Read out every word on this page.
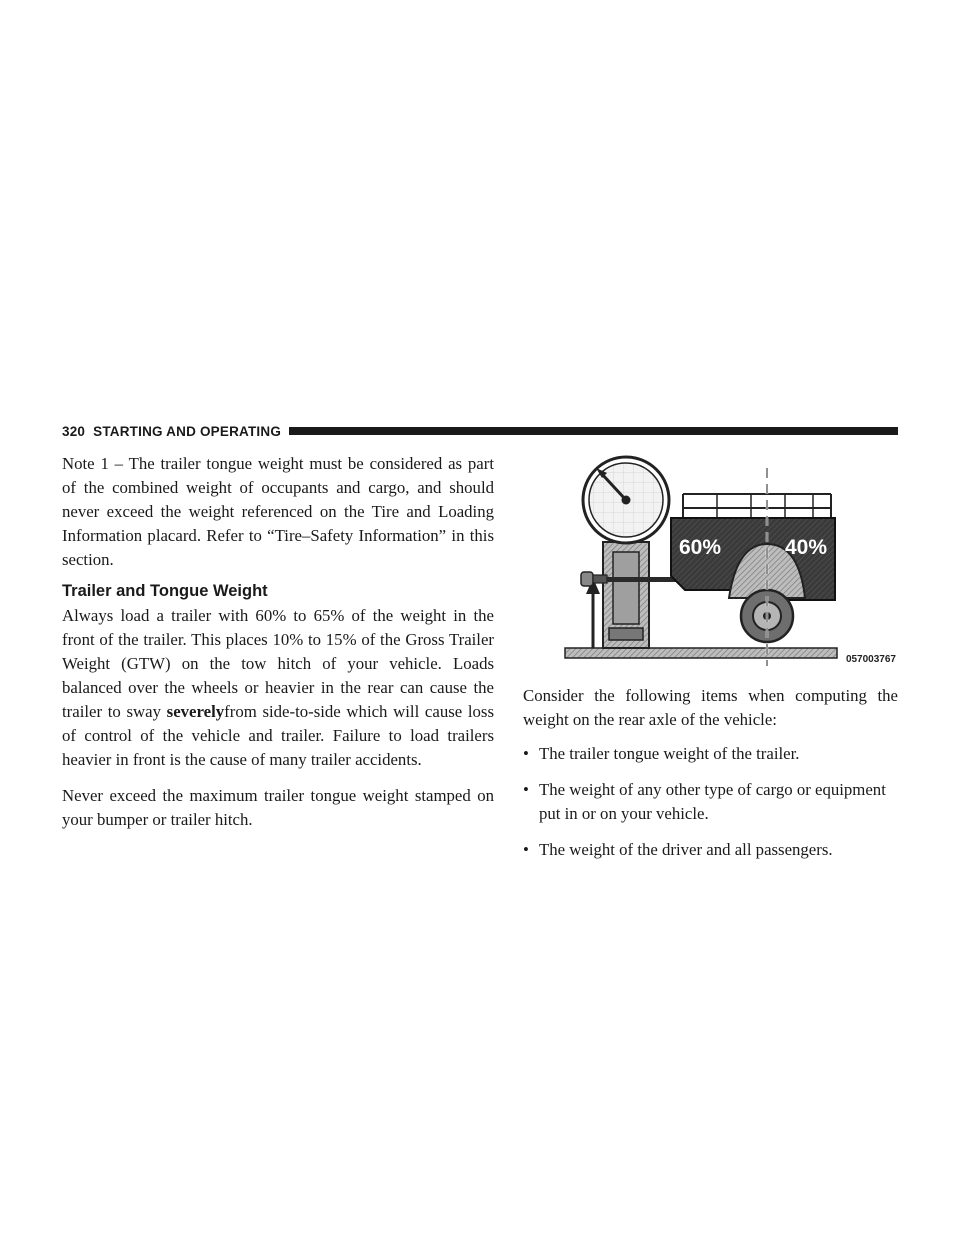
320 STARTING AND OPERATING

Note 1 – The trailer tongue weight must be considered as part of the combined weight of occupants and cargo, and should never exceed the weight referenced on the Tire and Loading Information placard. Refer to “Tire–Safety Information” in this section.

Trailer and Tongue Weight

Always load a trailer with 60% to 65% of the weight in the front of the trailer. This places 10% to 15% of the Gross Trailer Weight (GTW) on the tow hitch of your vehicle. Loads balanced over the wheels or heavier in the rear can cause the trailer to sway severelyfrom side-to-side which will cause loss of control of the vehicle and trailer. Failure to load trailers heavier in front is the cause of many trailer accidents.

Never exceed the maximum trailer tongue weight stamped on your bumper or trailer hitch.

60%	40%
057003767

Consider the following items when computing the weight on the rear axle of the vehicle:

• The trailer tongue weight of the trailer.
• The weight of any other type of cargo or equipment put in or on your vehicle.
• The weight of the driver and all passengers.
